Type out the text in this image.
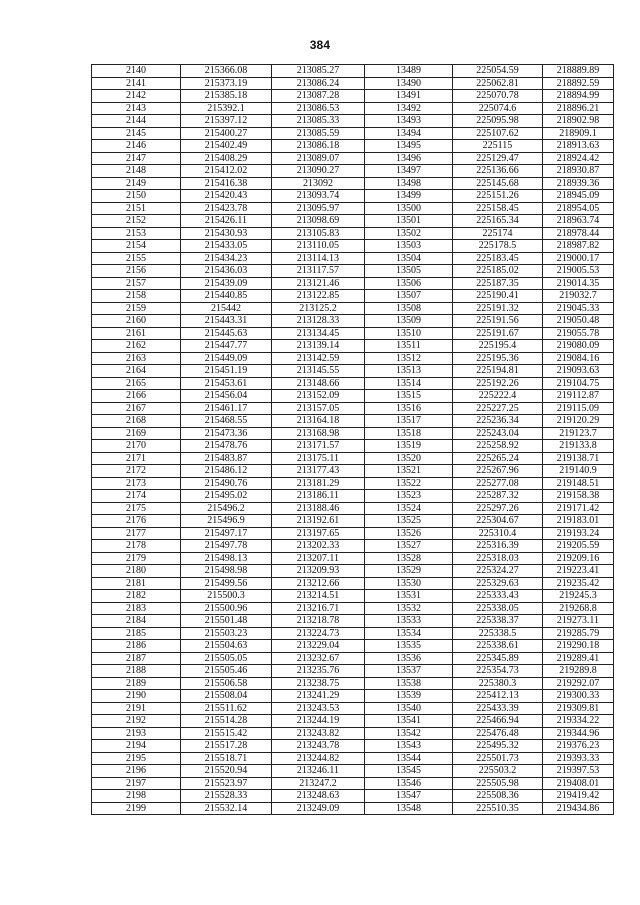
384
2140	215366.08	213085.27	13489	225054.59	218889.89
2141	215373.19	213086.24	13490	225062.81	218892.59
2142	215385.18	213087.28	13491	225070.78	218894.99
2143	215392.1	213086.53	13492	225074.6	218896.21
2144	215397.12	213085.33	13493	225095.98	218902.98
2145	215400.27	213085.59	13494	225107.62	218909.1
2146	215402.49	213086.18	13495	225115	218913.63
2147	215408.29	213089.07	13496	225129.47	218924.42
2148	215412.02	213090.27	13497	225136.66	218930.87
2149	215416.38	213092	13498	225145.68	218939.36
2150	215420.43	213093.74	13499	225151.26	218945.09
2151	215423.78	213095.97	13500	225158.45	218954.05
2152	215426.11	213098.69	13501	225165.34	218963.74
2153	215430.93	213105.83	13502	225174	218978.44
2154	215433.05	213110.05	13503	225178.5	218987.82
2155	215434.23	213114.13	13504	225183.45	219000.17
2156	215436.03	213117.57	13505	225185.02	219005.53
2157	215439.09	213121.46	13506	225187.35	219014.35
2158	215440.85	213122.85	13507	225190.41	219032.7
2159	215442	213125.2	13508	225191.32	219045.33
2160	215443.31	213128.33	13509	225191.56	219050.48
2161	215445.63	213134.45	13510	225191.67	219055.78
2162	215447.77	213139.14	13511	225195.4	219080.09
2163	215449.09	213142.59	13512	225195.36	219084.16
2164	215451.19	213145.55	13513	225194.81	219093.63
2165	215453.61	213148.66	13514	225192.26	219104.75
2166	215456.04	213152.09	13515	225222.4	219112.87
2167	215461.17	213157.05	13516	225227.25	219115.09
2168	215468.55	213164.18	13517	225236.34	219120.29
2169	215473.36	213168.98	13518	225243.04	219123.7
2170	215478.76	213171.57	13519	225258.92	219133.8
2171	215483.87	213175.11	13520	225265.24	219138.71
2172	215486.12	213177.43	13521	225267.96	219140.9
2173	215490.76	213181.29	13522	225277.08	219148.51
2174	215495.02	213186.11	13523	225287.32	219158.38
2175	215496.2	213188.46	13524	225297.26	219171.42
2176	215496.9	213192.61	13525	225304.67	219183.01
2177	215497.17	213197.65	13526	225310.4	219193.24
2178	215497.78	213202.33	13527	225316.39	219205.59
2179	215498.13	213207.11	13528	225318.03	219209.16
2180	215498.98	213209.93	13529	225324.27	219223.41
2181	215499.56	213212.66	13530	225329.63	219235.42
2182	215500.3	213214.51	13531	225333.43	219245.3
2183	215500.96	213216.71	13532	225338.05	219268.8
2184	215501.48	213218.78	13533	225338.37	219273.11
2185	215503.23	213224.73	13534	225338.5	219285.79
2186	215504.63	213229.04	13535	225338.61	219290.18
2187	215505.05	213232.67	13536	225345.89	219289.41
2188	215505.46	213235.76	13537	225354.73	219289.8
2189	215506.58	213238.75	13538	225380.3	219292.07
2190	215508.04	213241.29	13539	225412.13	219300.33
2191	215511.62	213243.53	13540	225433.39	219309.81
2192	215514.28	213244.19	13541	225466.94	219334.22
2193	215515.42	213243.82	13542	225476.48	219344.96
2194	215517.28	213243.78	13543	225495.32	219376.23
2195	215518.71	213244.82	13544	225501.73	219393.33
2196	215520.94	213246.11	13545	225503.2	219397.53
2197	215523.97	213247.2	13546	225505.98	219408.01
2198	215528.33	213248.63	13547	225508.36	219419.42
2199	215532.14	213249.09	13548	225510.35	219434.86
